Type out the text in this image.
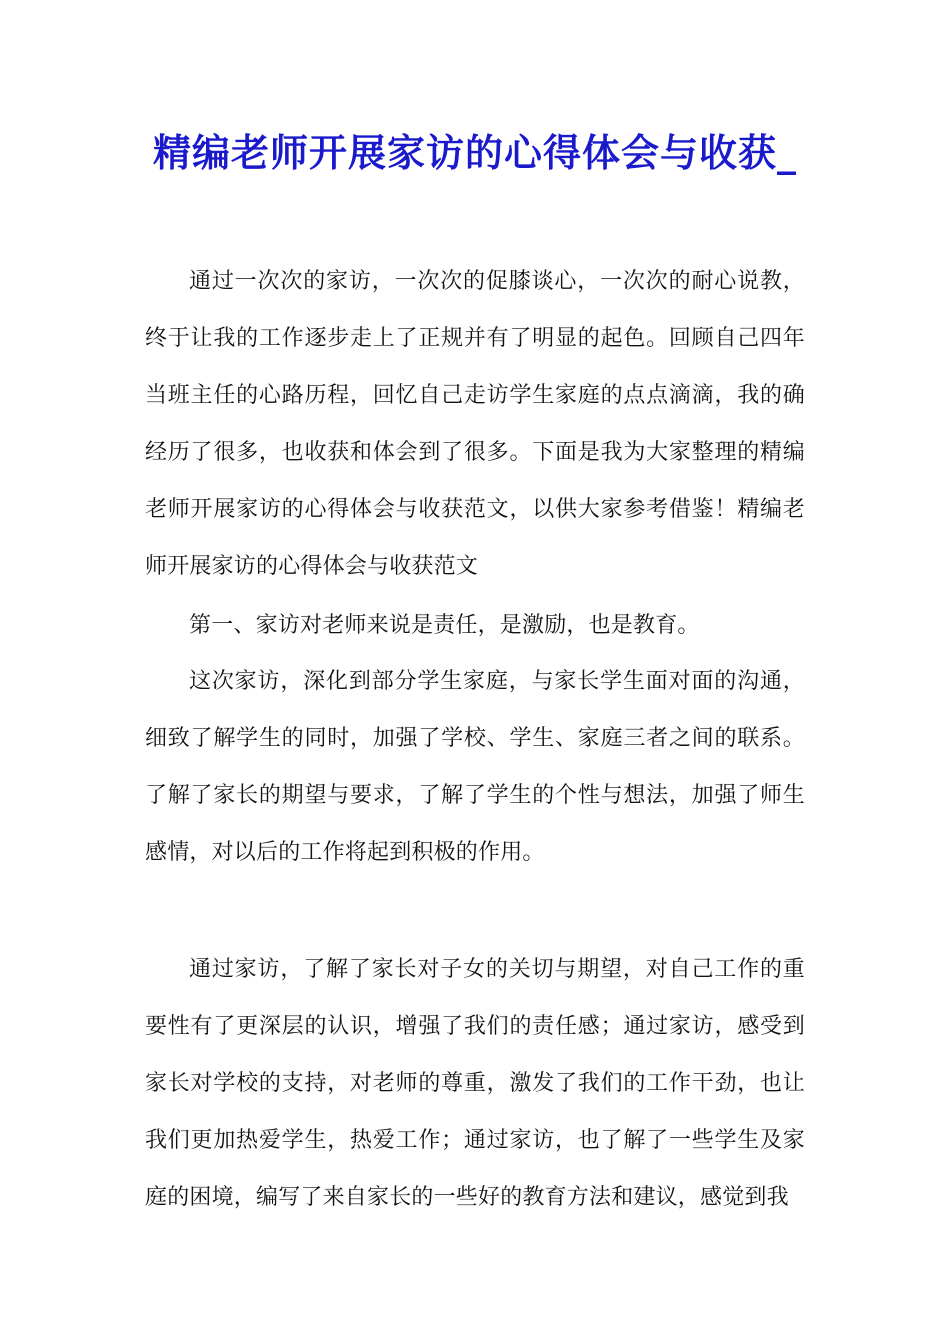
精编老师开展家访的心得体会与收获_

通过一次次的家访，一次次的促膝谈心，一次次的耐心说教，终于让我的工作逐步走上了正规并有了明显的起色。回顾自己四年当班主任的心路历程，回忆自己走访学生家庭的点点滴滴，我的确经历了很多，也收获和体会到了很多。下面是我为大家整理的精编老师开展家访的心得体会与收获范文，以供大家参考借鉴！精编老师开展家访的心得体会与收获范文

第一、家访对老师来说是责任，是激励，也是教育。

这次家访，深化到部分学生家庭，与家长学生面对面的沟通，细致了解学生的同时，加强了学校、学生、家庭三者之间的联系。了解了家长的期望与要求，了解了学生的个性与想法，加强了师生感情，对以后的工作将起到积极的作用。

通过家访，了解了家长对子女的关切与期望，对自己工作的重要性有了更深层的认识，增强了我们的责任感；通过家访，感受到家长对学校的支持，对老师的尊重，激发了我们的工作干劲，也让我们更加热爱学生，热爱工作；通过家访，也了解了一些学生及家庭的困境，编写了来自家长的一些好的教育方法和建议，感觉到我
